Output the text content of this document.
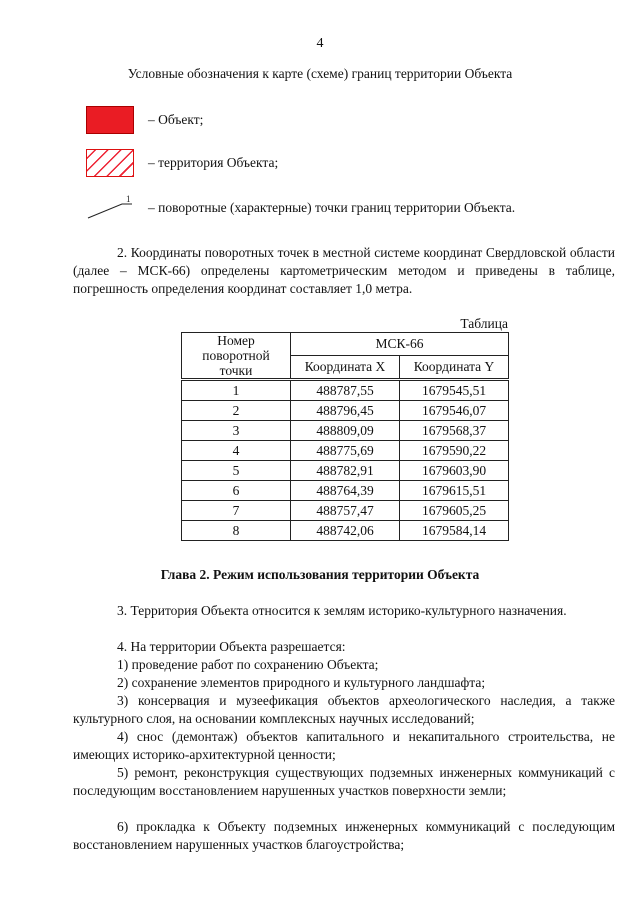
4
Условные обозначения к карте (схеме) границ территории Объекта
– Объект;
– территория Объекта;
1
– поворотные (характерные) точки границ территории Объекта.
2. Координаты поворотных точек в местной системе координат Свердловской области (далее – МСК-66) определены картометрическим методом и приведены в таблице, погрешность определения координат составляет 1,0 метра.
Таблица
Номер поворотной точки	МСК-66	
	Координата X	Координата Y
1	488787,55	1679545,51
2	488796,45	1679546,07
3	488809,09	1679568,37
4	488775,69	1679590,22
5	488782,91	1679603,90
6	488764,39	1679615,51
7	488757,47	1679605,25
8	488742,06	1679584,14
Глава 2. Режим использования территории Объекта
3. Территория Объекта относится к землям историко-культурного назначения.
4. На территории Объекта разрешается:
1) проведение работ по сохранению Объекта;
2) сохранение элементов природного и культурного ландшафта;
3) консервация и музеефикация объектов археологического наследия, а также культурного слоя, на основании комплексных научных исследований;
4) снос (демонтаж) объектов капитального и некапитального строительства, не имеющих историко-архитектурной ценности;
5) ремонт, реконструкция существующих подземных инженерных коммуникаций с последующим восстановлением нарушенных участков поверхности земли;
6) прокладка к Объекту подземных инженерных коммуникаций с последующим восстановлением нарушенных участков благоустройства;
